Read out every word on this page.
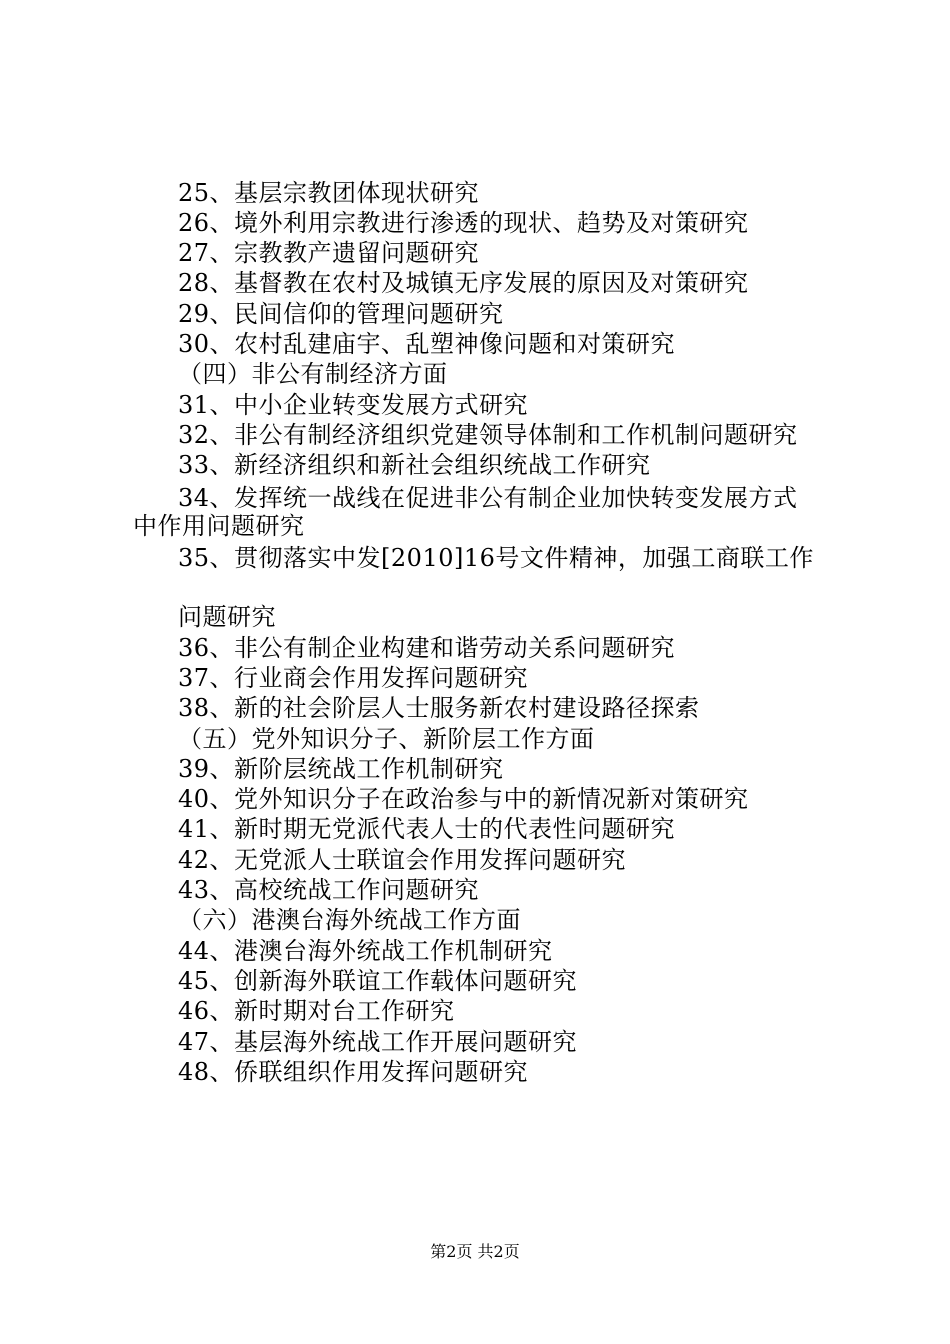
25、基层宗教团体现状研究
26、境外利用宗教进行渗透的现状、趋势及对策研究
27、宗教教产遗留问题研究
28、基督教在农村及城镇无序发展的原因及对策研究
29、民间信仰的管理问题研究
30、农村乱建庙宇、乱塑神像问题和对策研究
（四）非公有制经济方面
31、中小企业转变发展方式研究
32、非公有制经济组织党建领导体制和工作机制问题研究
33、新经济组织和新社会组织统战工作研究
34、发挥统一战线在促进非公有制企业加快转变发展方式
中作用问题研究
35、贯彻落实中发[2010]16号文件精神，加强工商联工作
问题研究
36、非公有制企业构建和谐劳动关系问题研究
37、行业商会作用发挥问题研究
38、新的社会阶层人士服务新农村建设路径探索
（五）党外知识分子、新阶层工作方面
39、新阶层统战工作机制研究
40、党外知识分子在政治参与中的新情况新对策研究
41、新时期无党派代表人士的代表性问题研究
42、无党派人士联谊会作用发挥问题研究
43、高校统战工作问题研究
（六）港澳台海外统战工作方面
44、港澳台海外统战工作机制研究
45、创新海外联谊工作载体问题研究
46、新时期对台工作研究
47、基层海外统战工作开展问题研究
48、侨联组织作用发挥问题研究
第2页 共2页
